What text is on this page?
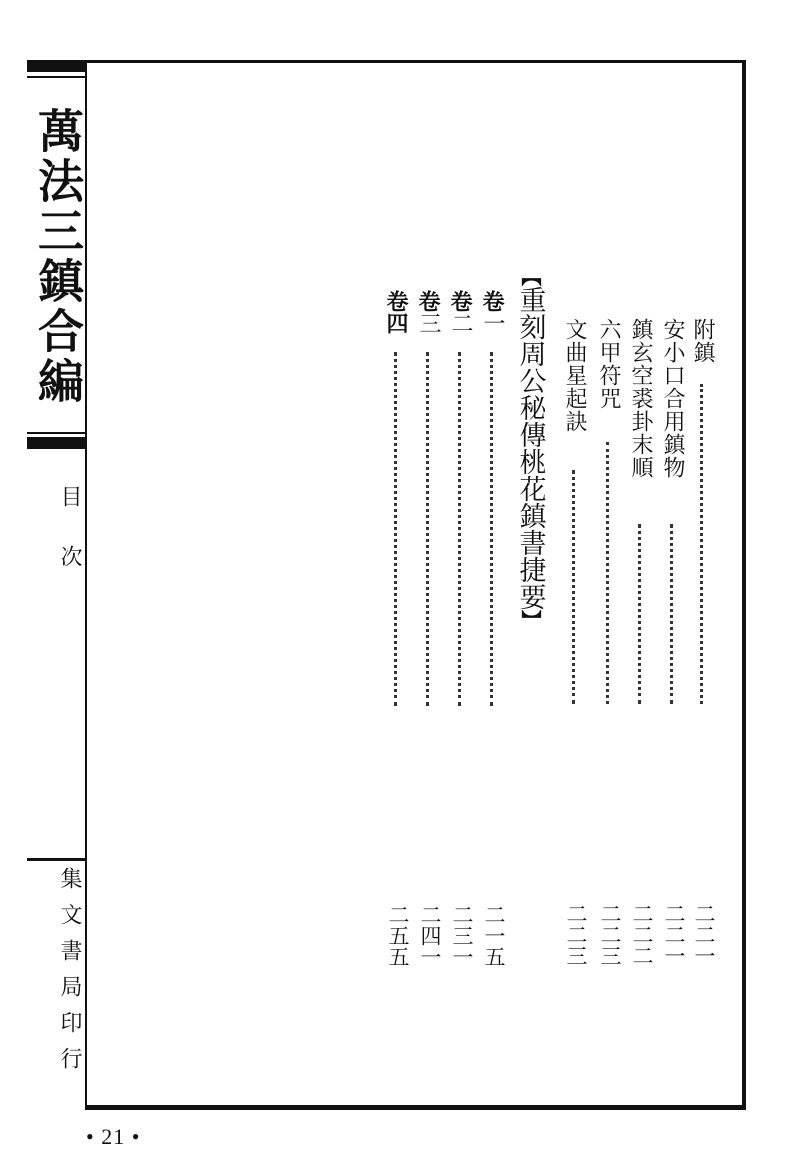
萬法三鎮合編
目次
集文書局印行
附鎮
二二一
安小口合用鎮物
二二一
鎮玄空裘卦末順
二二二
六甲符咒
二二三
文曲星起訣
二二三
【
重刻周公秘傳桃花鎮書捷要
】
卷一
二一五
卷二
二三一
卷三
二四一
卷四
二五五
• 21 •
